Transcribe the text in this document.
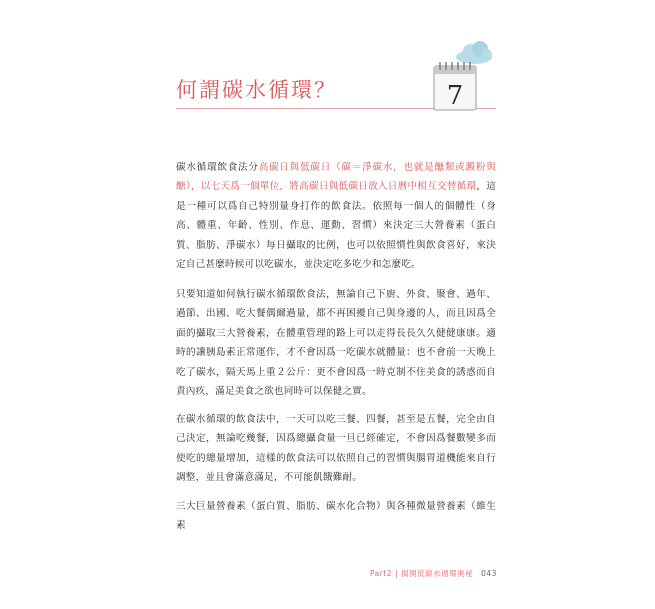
何謂碳水循環？	7
碳水循環飲食法分高碳日與低碳日（碳＝淨碳水，也就是醣類或澱粉與醣），以七天爲一個單位，將高碳日與低碳日放入日曆中相互交替循環，這是一種可以爲自己特別量身打作的飲食法。依照每一個人的個體性（身高、體重、年齡、性別、作息、運動、習慣）來決定三大營養素（蛋白質、脂肪、淨碳水）每日攝取的比例，也可以依照慣性與飲食喜好，來決定自己甚麼時候可以吃碳水，並決定吃多吃少和怎麼吃。
只要知道如何執行碳水循環飲食法，無論自己下廚、外食、聚會、過年、過節、出國、吃大餐偶爾過量，都不再困擾自己與身邊的人，而且因爲全面的攝取三大營養素，在體重管理的路上可以走得長長久久健健康康。適時的讓胰島素正常運作，才不會因爲一吃碳水就體量：也不會前一天晚上吃了碳水，隔天馬上重２公斤：更不會因爲一時克制不住美食的誘惑而自責內疚，滿足美食之欲也同時可以保健之實。
在碳水循環的飲食法中，一天可以吃三餐、四餐，甚至是五餐，完全由自己決定，無論吃幾餐，因爲總攝食量一旦已經確定，不會因爲餐數變多而使吃的總量增加，這樣的飲食法可以依照自己的習慣與腸胃道機能來自行調整，並且會滿意滿足，不可能飢餓難耐。
三大巨量營養素（蛋白質、脂肪、碳水化合物）與各種微量營養素（維生素
Part2 | 揭開低碳水循環奧秘 043
